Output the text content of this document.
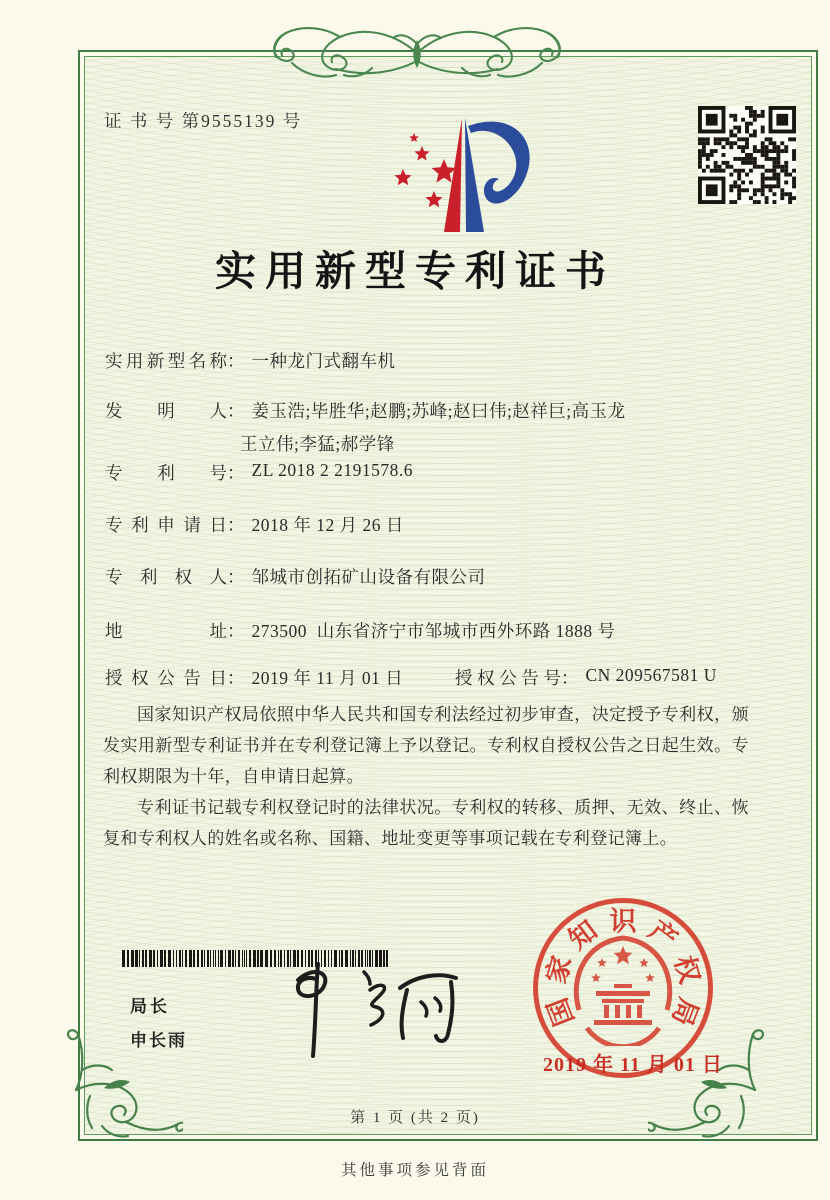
证 书 号 第9555139 号
实用新型专利证书
实用新型名称 ： 一种龙门式翻车机
发明人 ： 姜玉浩;毕胜华;赵鹏;苏峰;赵曰伟;赵祥巨;高玉龙
王立伟;李猛;郝学锋
专利号 ： ZL 2018 2 2191578.6
专利申请日 ： 2018 年 12 月 26 日
专利权人 ： 邹城市创拓矿山设备有限公司
地址 ： 273500  山东省济宁市邹城市西外环路 1888 号
授权公告日 ： 2019 年 11 月 01 日	授权公告号 ： CN 209567581 U

国家知识产权局依照中华人民共和国专利法经过初步审查，决定授予专利权，颁发实用新型专利证书并在专利登记簿上予以登记。专利权自授权公告之日起生效。专利权期限为十年，自申请日起算。

专利证书记载专利权登记时的法律状况。专利权的转移、质押、无效、终止、恢复和专利权人的姓名或名称、国籍、地址变更等事项记载在专利登记簿上。

局长
申长雨
国
家
知 识 产
权
局
2019 年 11 月 01 日
第 1 页 (共 2 页)
其他事项参见背面
